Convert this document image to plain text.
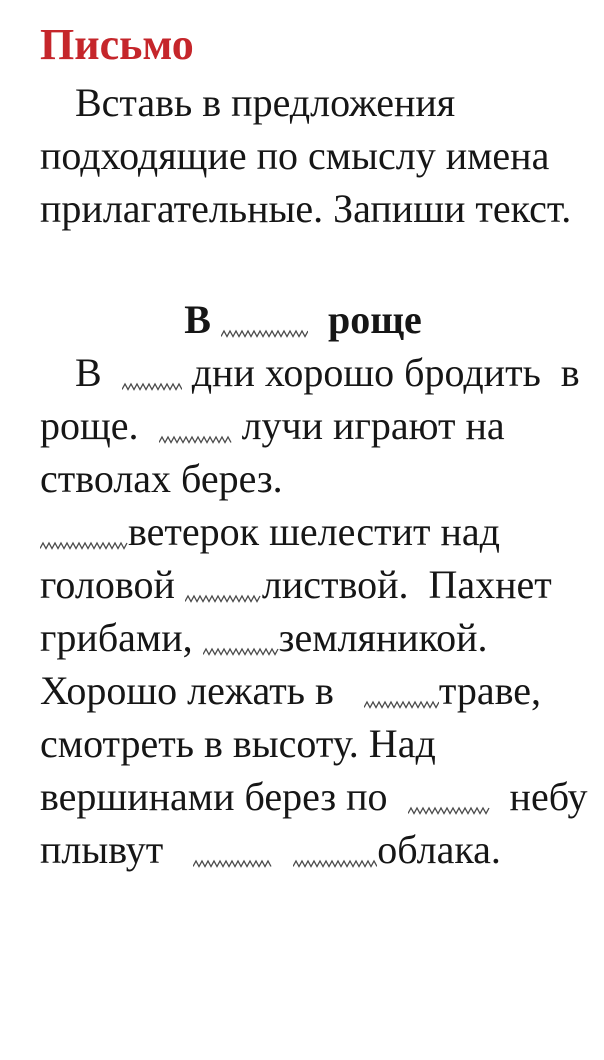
Письмо
Вставь в предложения
подходящие по смыслу имена
прилагательные. Запиши текст.
В
роще
В
дни хорошо бродить  в
роще.
лучи играют на
стволах берез.
ветерок шелестит над
головой
листвой.  Пахнет
грибами,
земляникой.
Хорошо лежать в
траве,
смотреть в высоту. Над
вершинами берез по
небу
плывут
	облака.
